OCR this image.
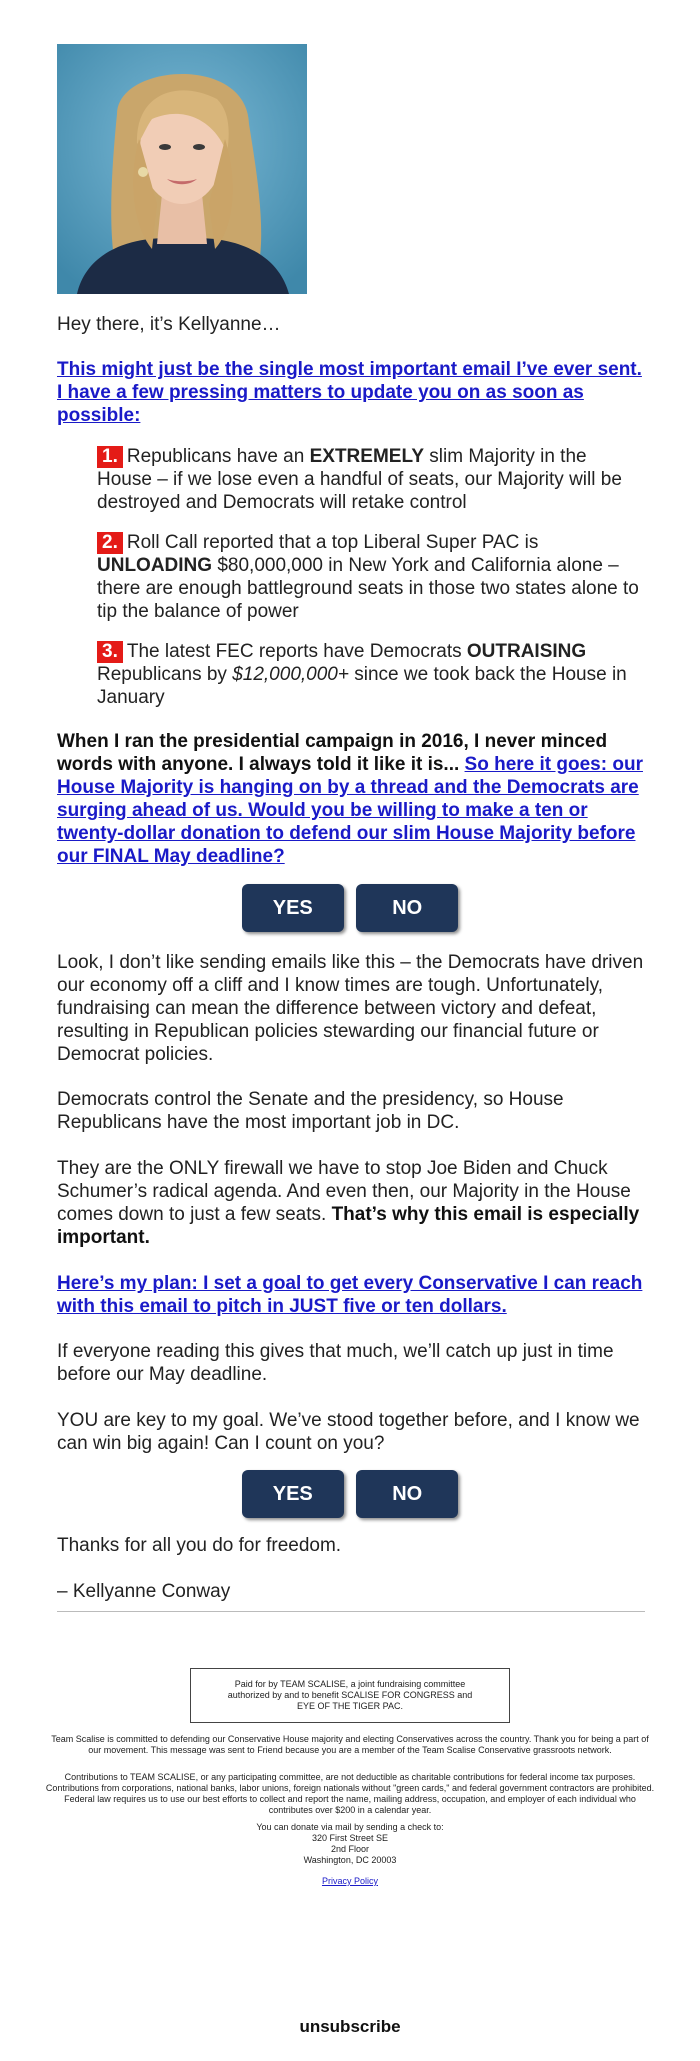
Hey there, it’s Kellyanne…

This might just be the single most important email I’ve ever sent. I have a few pressing matters to update you on as soon as possible:

1. Republicans have an EXTREMELY slim Majority in the House – if we lose even a handful of seats, our Majority will be destroyed and Democrats will retake control

2. Roll Call reported that a top Liberal Super PAC is UNLOADING $80,000,000 in New York and California alone – there are enough battleground seats in those two states alone to tip the balance of power

3. The latest FEC reports have Democrats OUTRAISING Republicans by $12,000,000+ since we took back the House in January

When I ran the presidential campaign in 2016, I never minced words with anyone. I always told it like it is... So here it goes: our House Majority is hanging on by a thread and the Democrats are surging ahead of us. Would you be willing to make a ten or twenty-dollar donation to defend our slim House Majority before our FINAL May deadline?

YES	NO

Look, I don’t like sending emails like this – the Democrats have driven our economy off a cliff and I know times are tough. Unfortunately, fundraising can mean the difference between victory and defeat, resulting in Republican policies stewarding our financial future or Democrat policies.

Democrats control the Senate and the presidency, so House Republicans have the most important job in DC.

They are the ONLY firewall we have to stop Joe Biden and Chuck Schumer’s radical agenda. And even then, our Majority in the House comes down to just a few seats. That’s why this email is especially important.

Here’s my plan: I set a goal to get every Conservative I can reach with this email to pitch in JUST five or ten dollars.

If everyone reading this gives that much, we’ll catch up just in time before our May deadline.

YOU are key to my goal. We’ve stood together before, and I know we can win big again! Can I count on you?

YES	NO

Thanks for all you do for freedom.

– Kellyanne Conway

Paid for by TEAM SCALISE, a joint fundraising committee authorized by and to benefit SCALISE FOR CONGRESS and EYE OF THE TIGER PAC.
Team Scalise is committed to defending our Conservative House majority and electing Conservatives across the country. Thank you for being a part of our movement. This message was sent to Friend because you are a member of the Team Scalise Conservative grassroots network.
Contributions to TEAM SCALISE, or any participating committee, are not deductible as charitable contributions for federal income tax purposes. Contributions from corporations, national banks, labor unions, foreign nationals without "green cards," and federal government contractors are prohibited. Federal law requires us to use our best efforts to collect and report the name, mailing address, occupation, and employer of each individual who contributes over $200 in a calendar year.
You can donate via mail by sending a check to:
320 First Street SE
2nd Floor
Washington, DC 20003
Privacy Policy
unsubscribe
